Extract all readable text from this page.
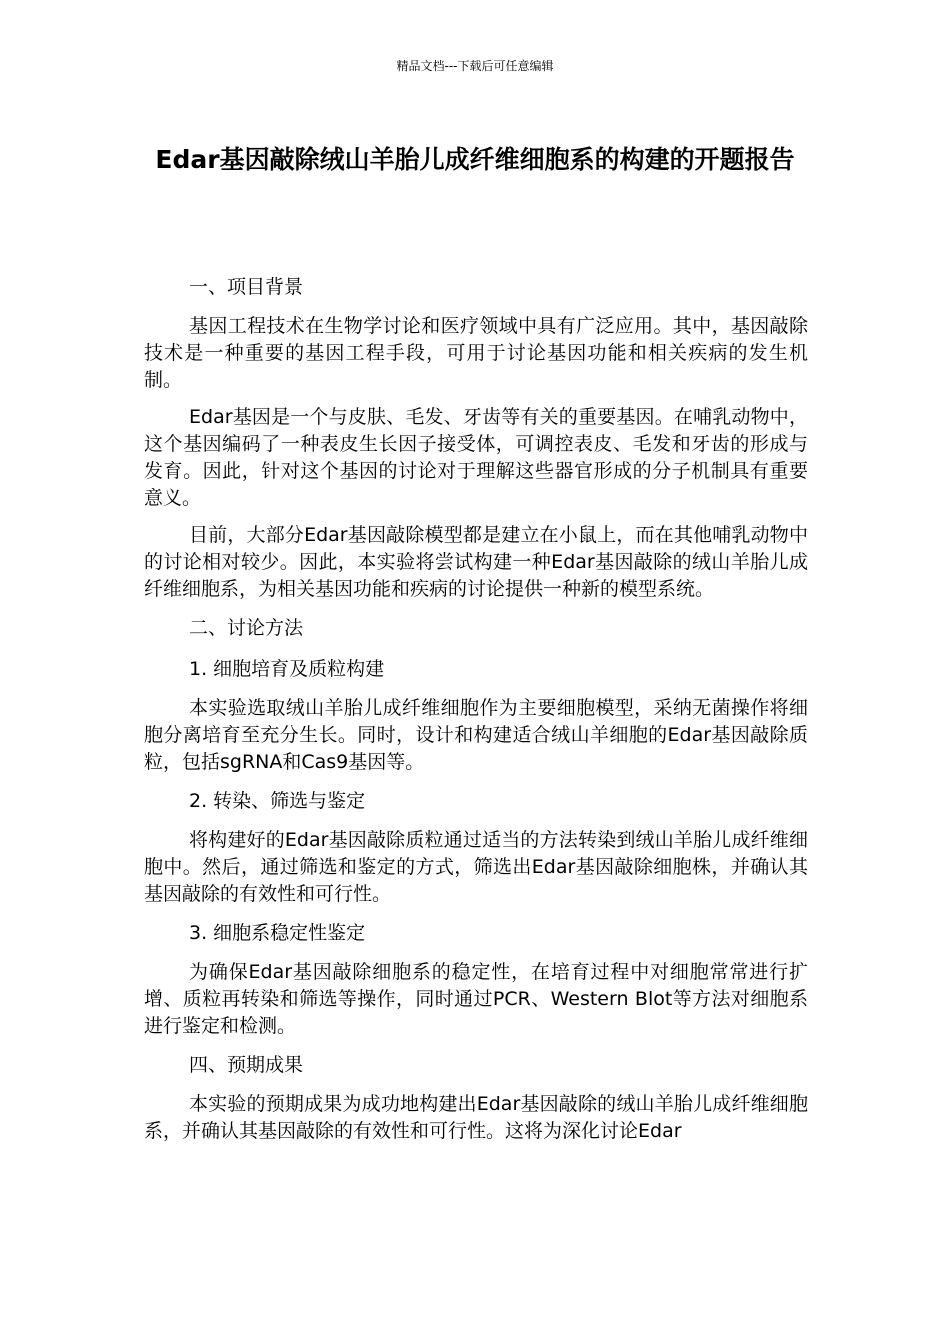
精品文档---下载后可任意编辑
Edar基因敲除绒山羊胎儿成纤维细胞系的构建的开题报告

一、项目背景

基因工程技术在生物学讨论和医疗领域中具有广泛应用。其中，基因敲除技术是一种重要的基因工程手段，可用于讨论基因功能和相关疾病的发生机制。

Edar基因是一个与皮肤、毛发、牙齿等有关的重要基因。在哺乳动物中，这个基因编码了一种表皮生长因子接受体，可调控表皮、毛发和牙齿的形成与发育。因此，针对这个基因的讨论对于理解这些器官形成的分子机制具有重要意义。

目前，大部分Edar基因敲除模型都是建立在小鼠上，而在其他哺乳动物中的讨论相对较少。因此，本实验将尝试构建一种Edar基因敲除的绒山羊胎儿成纤维细胞系，为相关基因功能和疾病的讨论提供一种新的模型系统。

二、讨论方法

1. 细胞培育及质粒构建

本实验选取绒山羊胎儿成纤维细胞作为主要细胞模型，采纳无菌操作将细胞分离培育至充分生长。同时，设计和构建适合绒山羊细胞的Edar基因敲除质粒，包括sgRNA和Cas9基因等。

2. 转染、筛选与鉴定

将构建好的Edar基因敲除质粒通过适当的方法转染到绒山羊胎儿成纤维细胞中。然后，通过筛选和鉴定的方式，筛选出Edar基因敲除细胞株，并确认其基因敲除的有效性和可行性。

3. 细胞系稳定性鉴定

为确保Edar基因敲除细胞系的稳定性，在培育过程中对细胞常常进行扩增、质粒再转染和筛选等操作，同时通过PCR、Western Blot等方法对细胞系进行鉴定和检测。

四、预期成果

本实验的预期成果为成功地构建出Edar基因敲除的绒山羊胎儿成纤维细胞系，并确认其基因敲除的有效性和可行性。这将为深化讨论Edar
